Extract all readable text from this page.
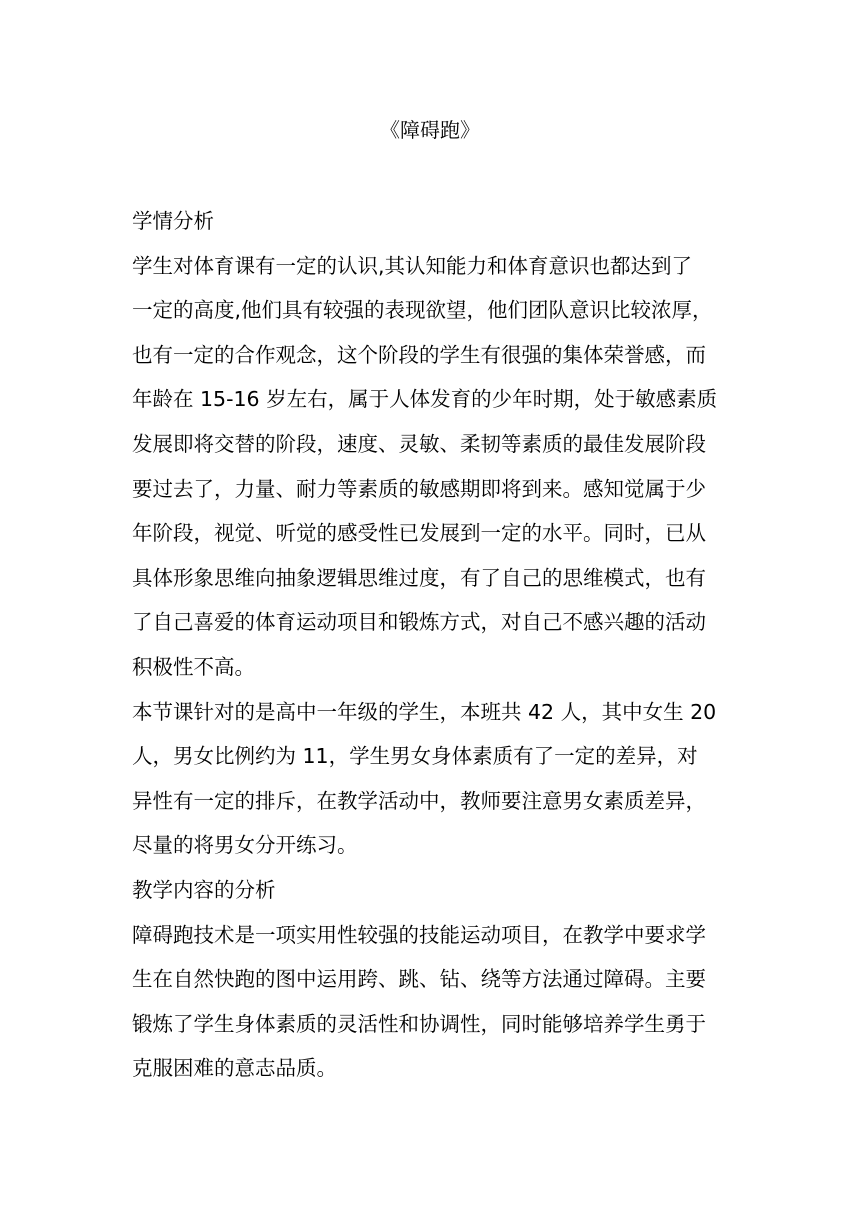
《障碍跑》
学情分析
学生对体育课有一定的认识,其认知能力和体育意识也都达到了
一定的高度,他们具有较强的表现欲望，他们团队意识比较浓厚，
也有一定的合作观念，这个阶段的学生有很强的集体荣誉感，而
年龄在 15-16 岁左右，属于人体发育的少年时期，处于敏感素质
发展即将交替的阶段，速度、灵敏、柔韧等素质的最佳发展阶段
要过去了，力量、耐力等素质的敏感期即将到来。感知觉属于少
年阶段，视觉、听觉的感受性已发展到一定的水平。同时，已从
具体形象思维向抽象逻辑思维过度，有了自己的思维模式，也有
了自己喜爱的体育运动项目和锻炼方式，对自己不感兴趣的活动
积极性不高。
本节课针对的是高中一年级的学生，本班共 42 人，其中女生 20
人，男女比例约为 11，学生男女身体素质有了一定的差异，对
异性有一定的排斥，在教学活动中，教师要注意男女素质差异，
尽量的将男女分开练习。
教学内容的分析
障碍跑技术是一项实用性较强的技能运动项目，在教学中要求学
生在自然快跑的图中运用跨、跳、钻、绕等方法通过障碍。主要
锻炼了学生身体素质的灵活性和协调性，同时能够培养学生勇于
克服困难的意志品质。
